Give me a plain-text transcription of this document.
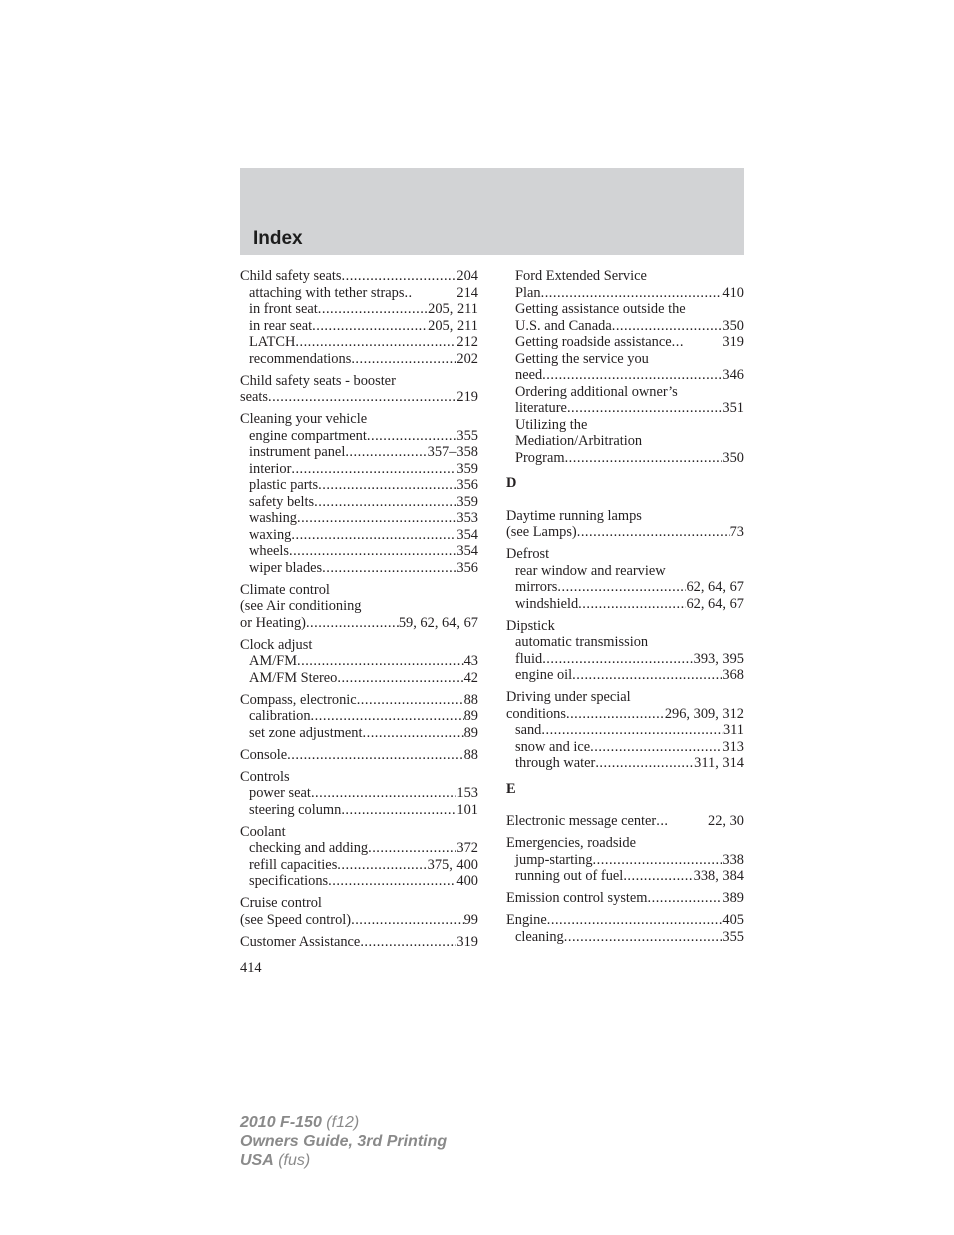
Index
Child safety seats .....	204
attaching with tether straps ..	214
in front seat .....	205, 211
in rear seat .....	205, 211
LATCH .....	212
recommendations .....	202
Child safety seats - booster
seats .....	219
Cleaning your vehicle
engine compartment .....	355
instrument panel .....	357–358
interior .....	359
plastic parts .....	356
safety belts .....	359
washing .....	353
waxing .....	354
wheels .....	354
wiper blades .....	356
Climate control
(see Air conditioning
or Heating) .....	59, 62, 64, 67
Clock adjust
AM/FM .....	43
AM/FM Stereo .....	42
Compass, electronic .....	88
calibration .....	89
set zone adjustment .....	89
Console .....	88
Controls
power seat .....	153
steering column .....	101
Coolant
checking and adding .....	372
refill capacities .....	375, 400
specifications .....	400
Cruise control
(see Speed control) .....	99
Customer Assistance .....	319
Ford Extended Service
Plan .....	410
Getting assistance outside the
U.S. and Canada .....	350
Getting roadside assistance ...	319
Getting the service you
need .....	346
Ordering additional owner’s
literature .....	351
Utilizing the
Mediation/Arbitration
Program .....	350
D
Daytime running lamps
(see Lamps) .....	73
Defrost
rear window and rearview
mirrors .....	62, 64, 67
windshield .....	62, 64, 67
Dipstick
automatic transmission
fluid .....	393, 395
engine oil .....	368
Driving under special
conditions .....	296, 309, 312
sand .....	311
snow and ice .....	313
through water .....	311, 314
E
Electronic message center ...	22, 30
Emergencies, roadside
jump-starting .....	338
running out of fuel .....	338, 384
Emission control system .....	389
Engine .....	405
cleaning .....	355
414
2010 F-150 (f12)
Owners Guide, 3rd Printing
USA (fus)
